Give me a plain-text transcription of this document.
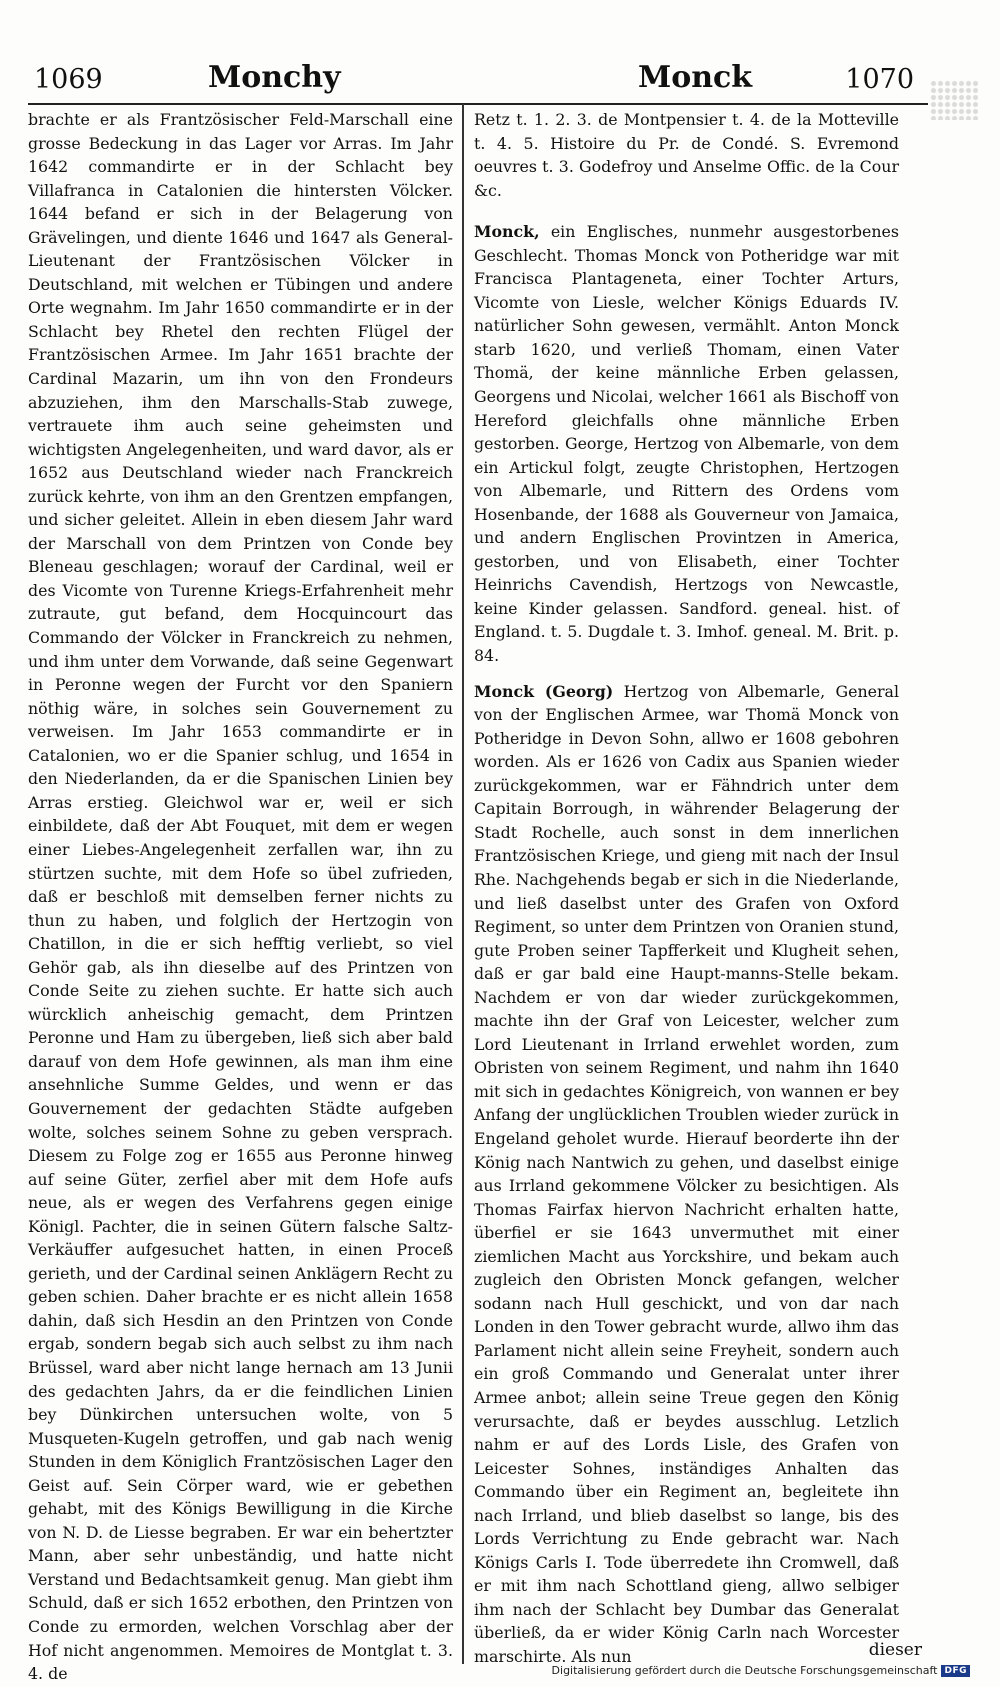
1069	Monchy	Monck	1070

brachte er als Frantzösischer Feld-Marschall eine grosse Bedeckung in das Lager vor Arras. Im Jahr 1642 commandirte er in der Schlacht bey Villafranca in Catalonien die hintersten Völcker. 1644 befand er sich in der Belagerung von Grävelingen, und diente 1646 und 1647 als General-Lieutenant der Frantzösischen Völcker in Deutschland, mit welchen er Tübingen und andere Orte wegnahm. Im Jahr 1650 commandirte er in der Schlacht bey Rhetel den rechten Flügel der Frantzösischen Armee. Im Jahr 1651 brachte der Cardinal Mazarin, um ihn von den Frondeurs abzuziehen, ihm den Marschalls-Stab zuwege, vertrauete ihm auch seine geheimsten und wichtigsten Angelegenheiten, und ward davor, als er 1652 aus Deutschland wieder nach Franckreich zurück kehrte, von ihm an den Grentzen empfangen, und sicher geleitet. Allein in eben diesem Jahr ward der Marschall von dem Printzen von Conde bey Bleneau geschlagen; worauf der Cardinal, weil er des Vicomte von Turenne Kriegs-Erfahrenheit mehr zutraute, gut befand, dem Hocquincourt das Commando der Völcker in Franckreich zu nehmen, und ihm unter dem Vorwande, daß seine Gegenwart in Peronne wegen der Furcht vor den Spaniern nöthig wäre, in solches sein Gouvernement zu verweisen. Im Jahr 1653 commandirte er in Catalonien, wo er die Spanier schlug, und 1654 in den Niederlanden, da er die Spanischen Linien bey Arras erstieg. Gleichwol war er, weil er sich einbildete, daß der Abt Fouquet, mit dem er wegen einer Liebes-Angelegenheit zerfallen war, ihn zu stürtzen suchte, mit dem Hofe so übel zufrieden, daß er beschloß mit demselben ferner nichts zu thun zu haben, und folglich der Hertzogin von Chatillon, in die er sich hefftig verliebt, so viel Gehör gab, als ihn dieselbe auf des Printzen von Conde Seite zu ziehen suchte. Er hatte sich auch würcklich anheischig gemacht, dem Printzen Peronne und Ham zu übergeben, ließ sich aber bald darauf von dem Hofe gewinnen, als man ihm eine ansehnliche Summe Geldes, und wenn er das Gouvernement der gedachten Städte aufgeben wolte, solches seinem Sohne zu geben versprach. Diesem zu Folge zog er 1655 aus Peronne hinweg auf seine Güter, zerfiel aber mit dem Hofe aufs neue, als er wegen des Verfahrens gegen einige Königl. Pachter, die in seinen Gütern falsche Saltz-Verkäuffer aufgesuchet hatten, in einen Proceß gerieth, und der Cardinal seinen Anklägern Recht zu geben schien. Daher brachte er es nicht allein 1658 dahin, daß sich Hesdin an den Printzen von Conde ergab, sondern begab sich auch selbst zu ihm nach Brüssel, ward aber nicht lange hernach am 13 Junii des gedachten Jahrs, da er die feindlichen Linien bey Dünkirchen untersuchen wolte, von 5 Musqueten-Kugeln getroffen, und gab nach wenig Stunden in dem Königlich Frantzösischen Lager den Geist auf. Sein Cörper ward, wie er gebethen gehabt, mit des Königs Bewilligung in die Kirche von N. D. de Liesse begraben. Er war ein behertzter Mann, aber sehr unbeständig, und hatte nicht Verstand und Bedachtsamkeit genug. Man giebt ihm Schuld, daß er sich 1652 erbothen, den Printzen von Conde zu ermorden, welchen Vorschlag aber der Hof nicht angenommen. Memoires de Montglat t. 3. 4. de

Retz t. 1. 2. 3. de Montpensier t. 4. de la Motteville t. 4. 5. Histoire du Pr. de Condé. S. Evremond oeuvres t. 3. Godefroy und Anselme Offic. de la Cour &c.

Monck, ein Englisches, nunmehr ausgestorbenes Geschlecht. Thomas Monck von Potheridge war mit Francisca Plantageneta, einer Tochter Arturs, Vicomte von Liesle, welcher Königs Eduards IV. natürlicher Sohn gewesen, vermählt. Anton Monck starb 1620, und verließ Thomam, einen Vater Thomä, der keine männliche Erben gelassen, Georgens und Nicolai, welcher 1661 als Bischoff von Hereford gleichfalls ohne männliche Erben gestorben. George, Hertzog von Albemarle, von dem ein Artickul folgt, zeugte Christophen, Hertzogen von Albemarle, und Rittern des Ordens vom Hosenbande, der 1688 als Gouverneur von Jamaica, und andern Englischen Provintzen in America, gestorben, und von Elisabeth, einer Tochter Heinrichs Cavendish, Hertzogs von Newcastle, keine Kinder gelassen. Sandford. geneal. hist. of England. t. 5. Dugdale t. 3. Imhof. geneal. M. Brit. p. 84.

Monck (Georg) Hertzog von Albemarle, General von der Englischen Armee, war Thomä Monck von Potheridge in Devon Sohn, allwo er 1608 gebohren worden. Als er 1626 von Cadix aus Spanien wieder zurückgekommen, war er Fähndrich unter dem Capitain Borrough, in währender Belagerung der Stadt Rochelle, auch sonst in dem innerlichen Frantzösischen Kriege, und gieng mit nach der Insul Rhe. Nachgehends begab er sich in die Niederlande, und ließ daselbst unter des Grafen von Oxford Regiment, so unter dem Printzen von Oranien stund, gute Proben seiner Tapfferkeit und Klugheit sehen, daß er gar bald eine Haupt-manns-Stelle bekam. Nachdem er von dar wieder zurückgekommen, machte ihn der Graf von Leicester, welcher zum Lord Lieutenant in Irrland erwehlet worden, zum Obristen von seinem Regiment, und nahm ihn 1640 mit sich in gedachtes Königreich, von wannen er bey Anfang der unglücklichen Troublen wieder zurück in Engeland geholet wurde. Hierauf beorderte ihn der König nach Nantwich zu gehen, und daselbst einige aus Irrland gekommene Völcker zu besichtigen. Als Thomas Fairfax hiervon Nachricht erhalten hatte, überfiel er sie 1643 unvermuthet mit einer ziemlichen Macht aus Yorckshire, und bekam auch zugleich den Obristen Monck gefangen, welcher sodann nach Hull geschickt, und von dar nach Londen in den Tower gebracht wurde, allwo ihm das Parlament nicht allein seine Freyheit, sondern auch ein groß Commando und Generalat unter ihrer Armee anbot; allein seine Treue gegen den König verursachte, daß er beydes ausschlug. Letzlich nahm er auf des Lords Lisle, des Grafen von Leicester Sohnes, inständiges Anhalten das Commando über ein Regiment an, begleitete ihn nach Irrland, und blieb daselbst so lange, bis des Lords Verrichtung zu Ende gebracht war. Nach Königs Carls I. Tode überredete ihn Cromwell, daß er mit ihm nach Schottland gieng, allwo selbiger ihm nach der Schlacht bey Dumbar das Generalat überließ, da er wider König Carln nach Worcester marschirte. Als nun	dieser
Digitalisierung gefördert durch die Deutsche Forschungsgemeinschaft DFG
